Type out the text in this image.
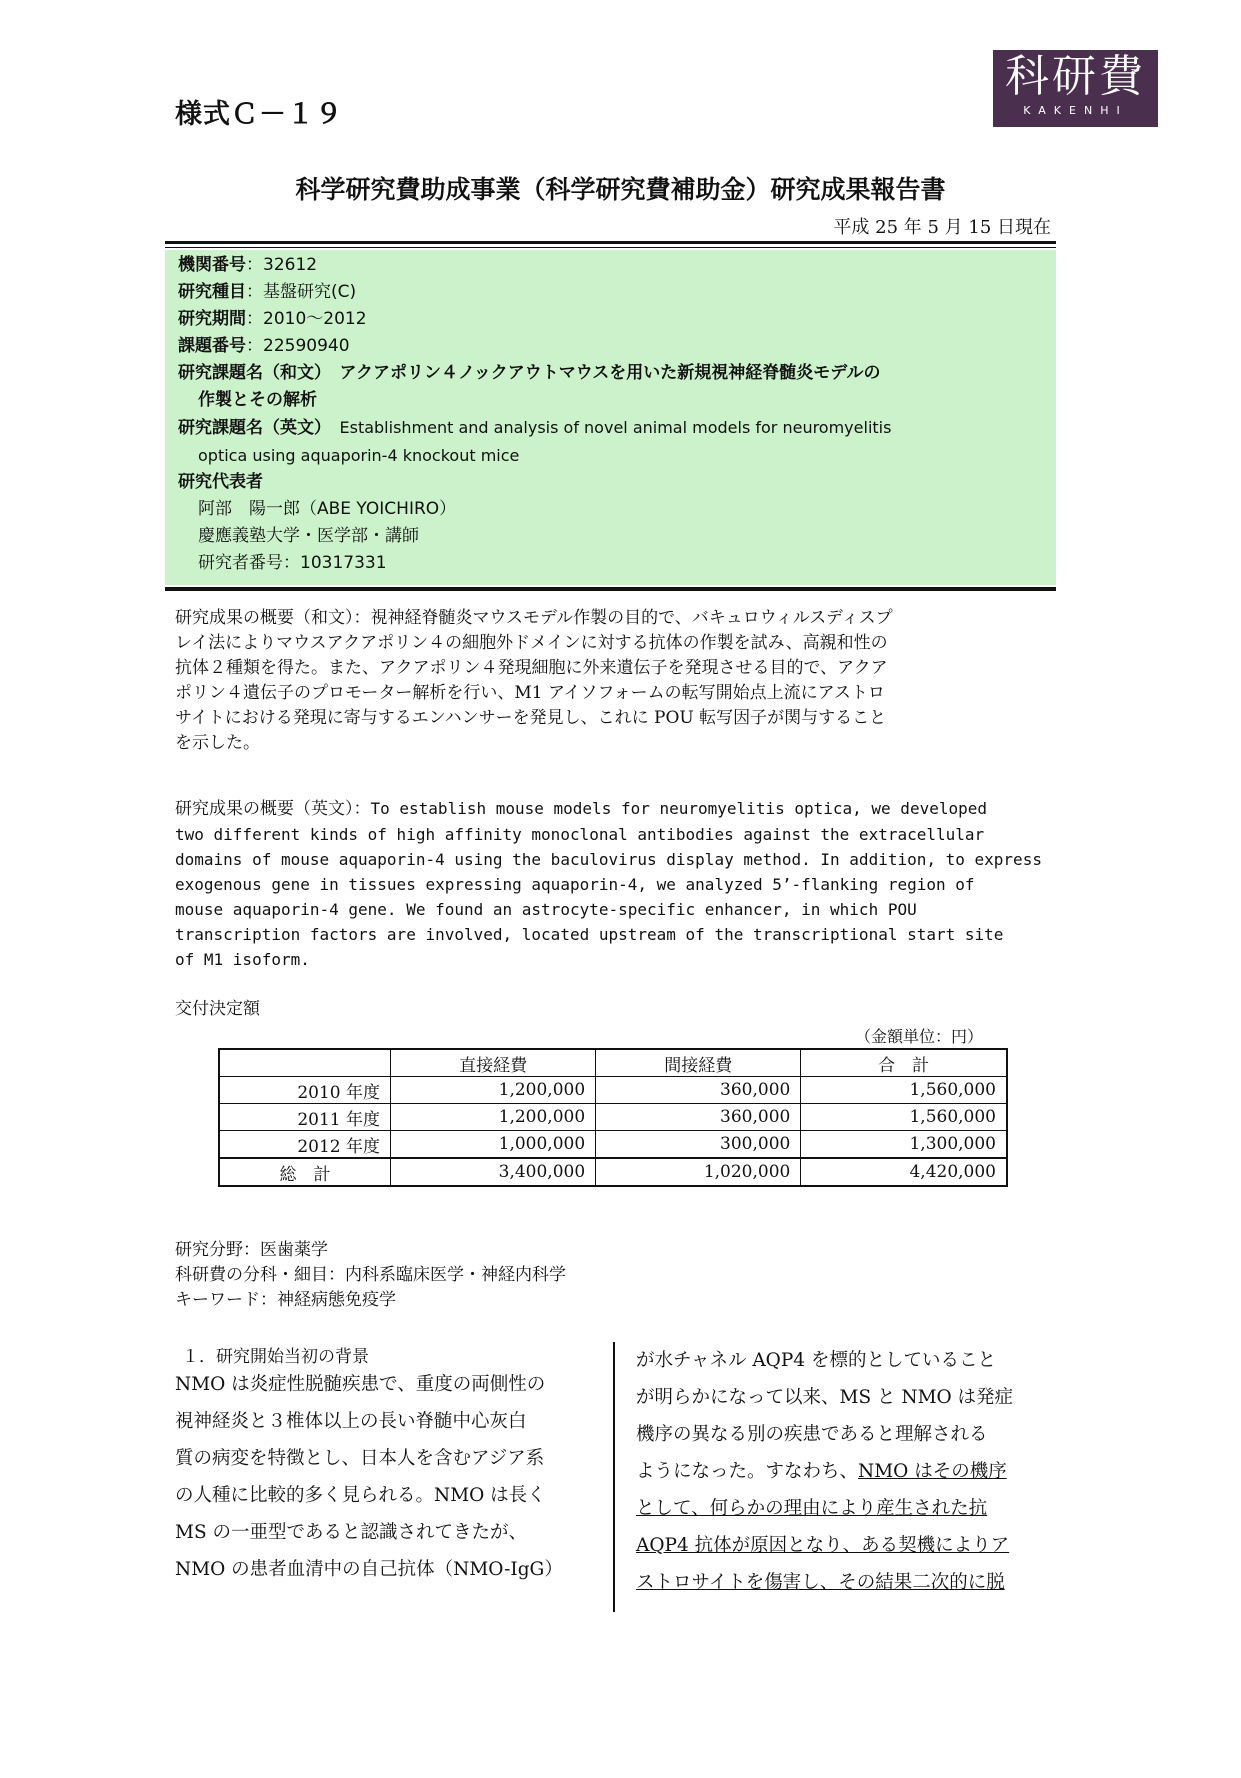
様式Ｃ－１９
科研費
KAKENHI
科学研究費助成事業（科学研究費補助金）研究成果報告書
平成 25 年 5 月 15 日現在
機関番号：32612
研究種目：基盤研究(C)
研究期間：2010～2012
課題番号：22590940
研究課題名（和文）　 アクアポリン４ノックアウトマウスを用いた新規視神経脊髄炎モデルの
作製とその解析
研究課題名（英文）　 Establishment and analysis of novel animal models for neuromyelitis
optica using aquaporin-4 knockout mice
研究代表者
阿部　陽一郎（ABE YOICHIRO）
慶應義塾大学・医学部・講師
研究者番号：10317331
研究成果の概要（和文）：視神経脊髄炎マウスモデル作製の目的で、バキュロウィルスディスプ
レイ法によりマウスアクアポリン４の細胞外ドメインに対する抗体の作製を試み、高親和性の
抗体２種類を得た。また、アクアポリン４発現細胞に外来遺伝子を発現させる目的で、アクア
ポリン４遺伝子のプロモーター解析を行い、M1 アイソフォームの転写開始点上流にアストロ
サイトにおける発現に寄与するエンハンサーを発見し、これに POU 転写因子が関与すること
を示した。
研究成果の概要（英文）：To establish mouse models for neuromyelitis optica, we developed
two different kinds of high affinity monoclonal antibodies against the extracellular
domains of mouse aquaporin-4 using the baculovirus display method. In addition, to express
exogenous gene in tissues expressing aquaporin-4, we analyzed 5’-flanking region of
mouse aquaporin-4 gene. We found an astrocyte-specific enhancer, in which POU
transcription factors are involved, located upstream of the transcriptional start site
of M1 isoform.
交付決定額
（金額単位：円）
	直接経費	間接経費	合　計
2010 年度	1,200,000	360,000	1,560,000
2011 年度	1,200,000	360,000	1,560,000
2012 年度	1,000,000	300,000	1,300,000
総　計	3,400,000	1,020,000	4,420,000
研究分野：医歯薬学
科研費の分科・細目：内科系臨床医学・神経内科学
キーワード：神経病態免疫学
１．研究開始当初の背景
NMO は炎症性脱髄疾患で、重度の両側性の
視神経炎と３椎体以上の長い脊髄中心灰白
質の病変を特徴とし、日本人を含むアジア系
の人種に比較的多く見られる。NMO は長く
MS の一亜型であると認識されてきたが、
NMO の患者血清中の自己抗体（NMO-IgG）
が水チャネル AQP4 を標的としていること
が明らかになって以来、MS と NMO は発症
機序の異なる別の疾患であると理解される
ようになった。すなわち、NMO はその機序
として、何らかの理由により産生された抗
AQP4 抗体が原因となり、ある契機によりア
ストロサイトを傷害し、その結果二次的に脱
